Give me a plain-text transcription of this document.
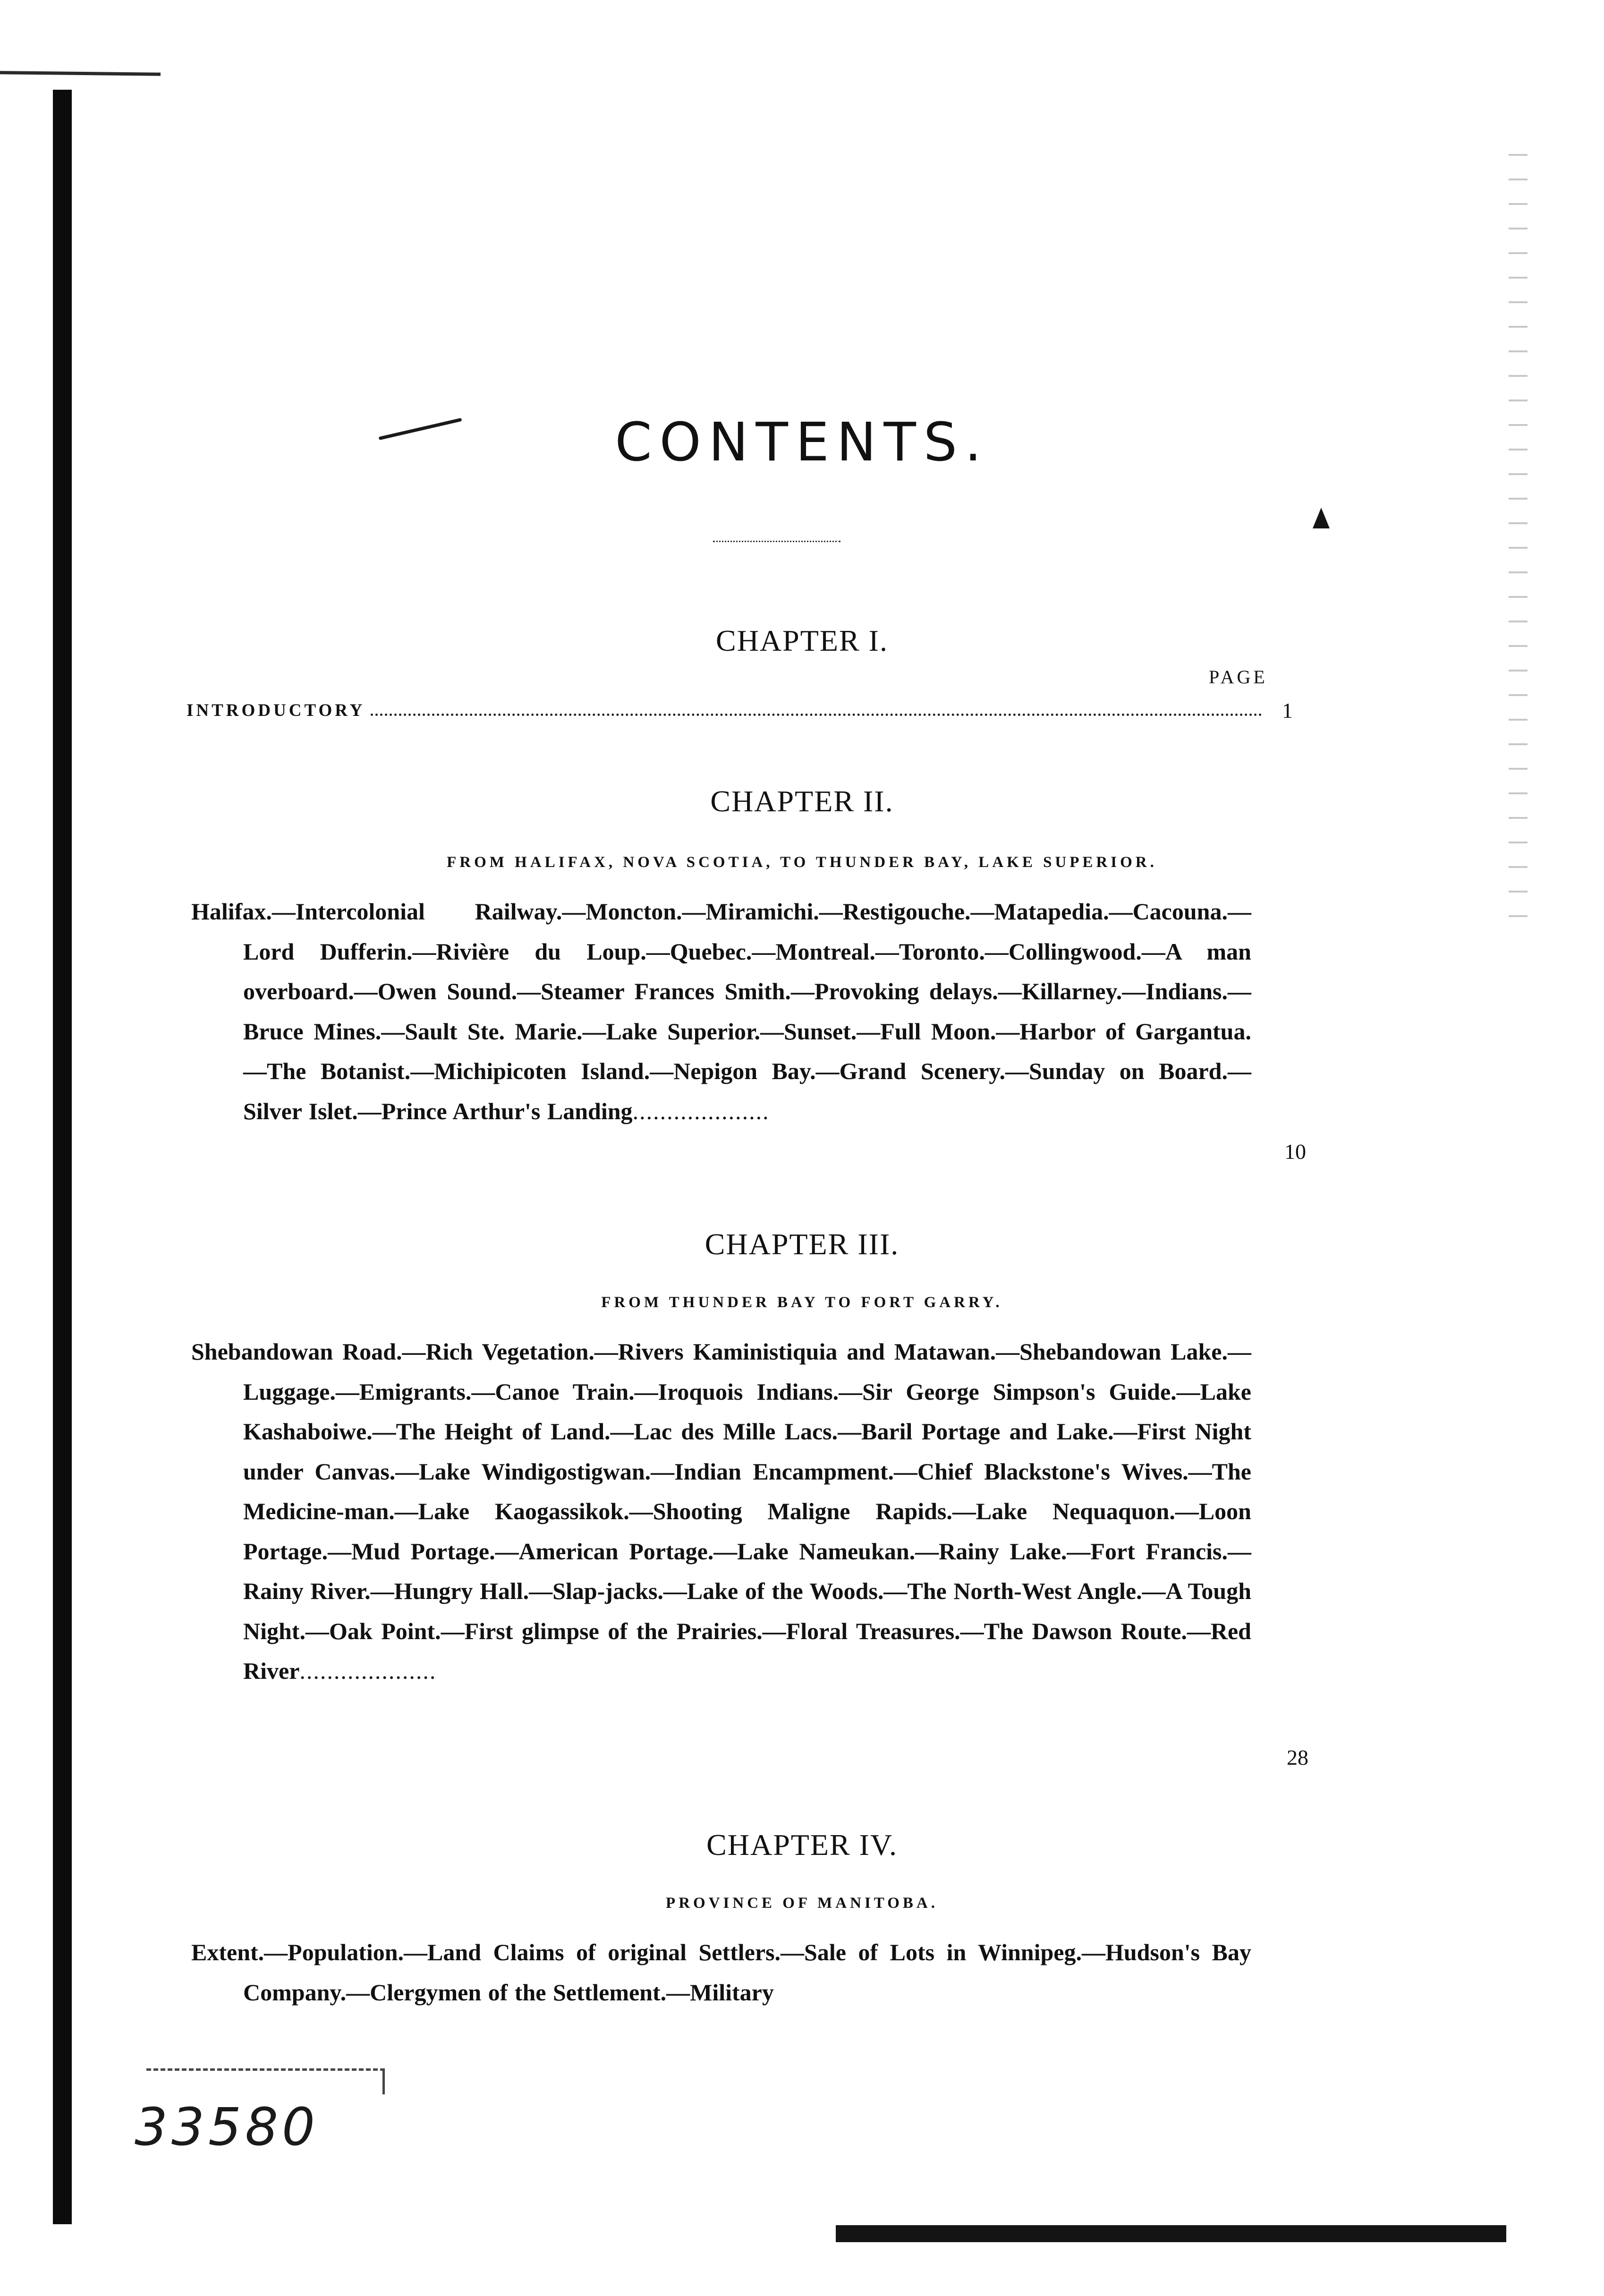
33580
CONTENTS.
CHAPTER I.
PAGE
INTRODUCTORY	1
CHAPTER II.
FROM HALIFAX, NOVA SCOTIA, TO THUNDER BAY, LAKE SUPERIOR.
Halifax.—Intercolonial Railway.—Moncton.—Miramichi.—Restigouche.—Matapedia.—Cacouna.—Lord Dufferin.—Rivière du Loup.—Quebec.—Montreal.—Toronto.—Collingwood.—A man overboard.—Owen Sound.—Steamer Frances Smith.—Provoking delays.—Killarney.—Indians.—Bruce Mines.—Sault Ste. Marie.—Lake Superior.—Sunset.—Full Moon.—Harbor of Gargantua.—The Botanist.—Michipicoten Island.—Nepigon Bay.—Grand Scenery.—Sunday on Board.—Silver Islet.—Prince Arthur's Landing....................
10
CHAPTER III.
FROM THUNDER BAY TO FORT GARRY.
Shebandowan Road.—Rich Vegetation.—Rivers Kaministiquia and Matawan.—Shebandowan Lake.—Luggage.—Emigrants.—Canoe Train.—Iroquois Indians.—Sir George Simpson's Guide.—Lake Kashaboiwe.—The Height of Land.—Lac des Mille Lacs.—Baril Portage and Lake.—First Night under Canvas.—Lake Windigostigwan.—Indian Encampment.—Chief Blackstone's Wives.—The Medicine-man.—Lake Kaogassikok.—Shooting Maligne Rapids.—Lake Nequaquon.—Loon Portage.—Mud Portage.—American Portage.—Lake Nameukan.—Rainy Lake.—Fort Francis.—Rainy River.—Hungry Hall.—Slap-jacks.—Lake of the Woods.—The North-West Angle.—A Tough Night.—Oak Point.—First glimpse of the Prairies.—Floral Treasures.—The Dawson Route.—Red River....................
28
CHAPTER IV.
PROVINCE OF MANITOBA.
Extent.—Population.—Land Claims of original Settlers.—Sale of Lots in Winnipeg.—Hudson's Bay Company.—Clergymen of the Settlement.—Military
